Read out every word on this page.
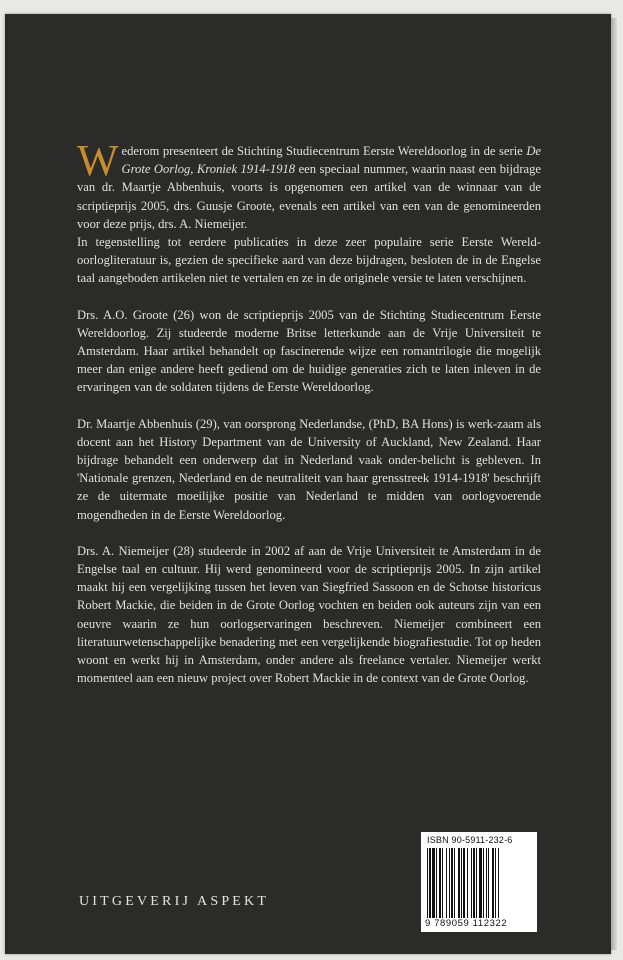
Wederom presenteert de Stichting Studiecentrum Eerste Wereldoorlog in de serie De Grote Oorlog, Kroniek 1914-1918 een speciaal nummer, waarin naast een bijdrage van dr. Maartje Abbenhuis, voorts is opgenomen een artikel van de winnaar van de scriptieprijs 2005, drs. Guusje Groote, evenals een artikel van een van de genomineerden voor deze prijs, drs. A. Niemeijer.

In tegenstelling tot eerdere publicaties in deze zeer populaire serie Eerste Wereld-oorlogliteratuur is, gezien de specifieke aard van deze bijdragen, besloten de in de Engelse taal aangeboden artikelen niet te vertalen en ze in de originele versie te laten verschijnen.

Drs. A.O. Groote (26) won de scriptieprijs 2005 van de Stichting Studiecentrum Eerste Wereldoorlog. Zij studeerde moderne Britse letterkunde aan de Vrije Universiteit te Amsterdam. Haar artikel behandelt op fascinerende wijze een romantrilogie die mogelijk meer dan enige andere heeft gediend om de huidige generaties zich te laten inleven in de ervaringen van de soldaten tijdens de Eerste Wereldoorlog.

Dr. Maartje Abbenhuis (29), van oorsprong Nederlandse, (PhD, BA Hons) is werk-zaam als docent aan het History Department van de University of Auckland, New Zealand. Haar bijdrage behandelt een onderwerp dat in Nederland vaak onder-belicht is gebleven. In 'Nationale grenzen, Nederland en de neutraliteit van haar grensstreek 1914-1918' beschrijft ze de uitermate moeilijke positie van Nederland te midden van oorlogvoerende mogendheden in de Eerste Wereldoorlog.

Drs. A. Niemeijer (28) studeerde in 2002 af aan de Vrije Universiteit te Amsterdam in de Engelse taal en cultuur. Hij werd genomineerd voor de scriptieprijs 2005. In zijn artikel maakt hij een vergelijking tussen het leven van Siegfried Sassoon en de Schotse historicus Robert Mackie, die beiden in de Grote Oorlog vochten en beiden ook auteurs zijn van een oeuvre waarin ze hun oorlogservaringen beschreven. Niemeijer combineert een literatuurwetenschappelijke benadering met een vergelijkende biografiestudie. Tot op heden woont en werkt hij in Amsterdam, onder andere als freelance vertaler. Niemeijer werkt momenteel aan een nieuw project over Robert Mackie in de context van de Grote Oorlog.

UITGEVERIJ ASPEKT
ISBN 90-5911-232-6
9 789059 112322
